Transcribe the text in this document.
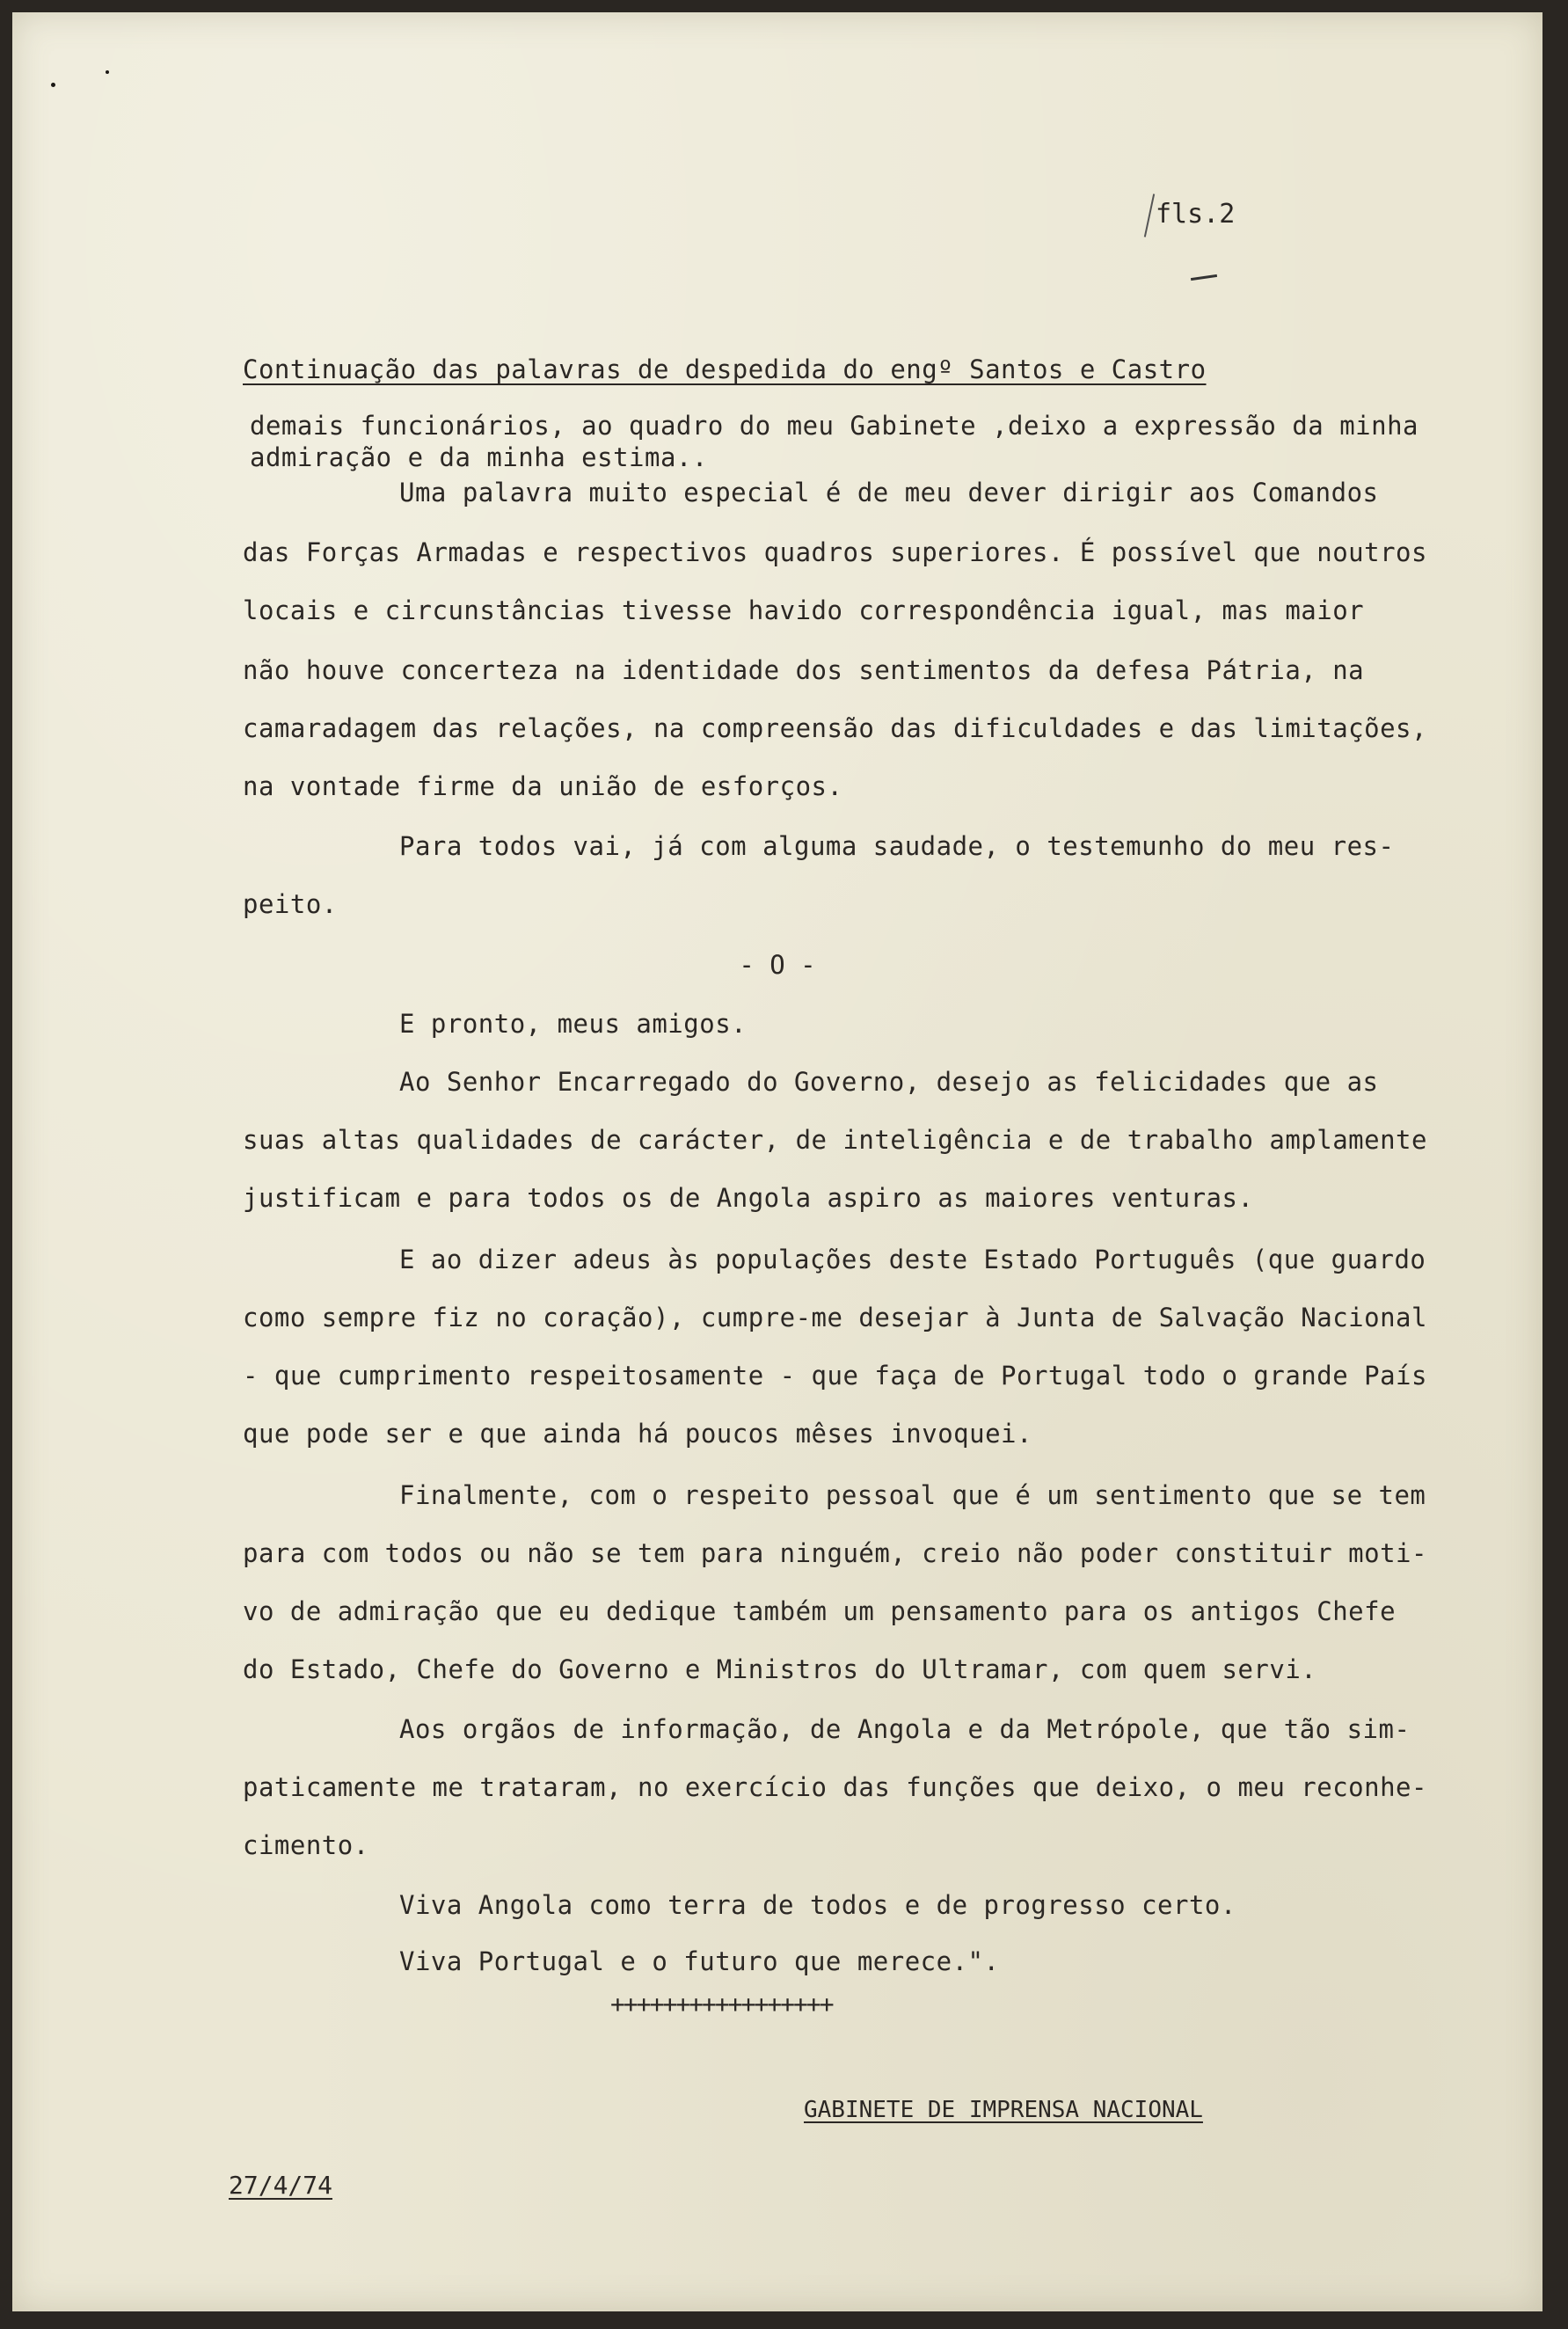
fls.2
Continuação das palavras de despedida do engº Santos e Castro
demais funcionários, ao quadro do meu Gabinete ,deixo a expressão da minha
admiração e da minha estima..
Uma palavra muito especial é de meu dever dirigir aos Comandos
das Forças Armadas e respectivos quadros superiores. É possível que noutros
locais e circunstâncias tivesse havido correspondência igual, mas maior
não houve concerteza na identidade dos sentimentos da defesa Pátria, na
camaradagem das relações, na compreensão das dificuldades e das limitações,
na vontade firme da união de esforços.
Para todos vai, já com alguma saudade, o testemunho do meu res-
peito.
- O -
E pronto, meus amigos.
Ao Senhor Encarregado do Governo, desejo as felicidades que as
suas altas qualidades de carácter, de inteligência e de trabalho amplamente
justificam e para todos os de Angola aspiro as maiores venturas.
E ao dizer adeus às populações deste Estado Português (que guardo
como sempre fiz no coração), cumpre-me desejar à Junta de Salvação Nacional
- que cumprimento respeitosamente - que faça de Portugal todo o grande País
que pode ser e que ainda há poucos mêses invoquei.
Finalmente, com o respeito pessoal que é um sentimento que se tem
para com todos ou não se tem para ninguém, creio não poder constituir moti-
vo de admiração que eu dedique também um pensamento para os antigos Chefe
do Estado, Chefe do Governo e Ministros do Ultramar, com quem servi.
Aos orgãos de informação, de Angola e da Metrópole, que tão sim-
paticamente me trataram, no exercício das funções que deixo, o meu reconhe-
cimento.
Viva Angola como terra de todos e de progresso certo.
Viva Portugal e o futuro que merece.".
+++++++++++++++++
GABINETE DE IMPRENSA NACIONAL
27/4/74
